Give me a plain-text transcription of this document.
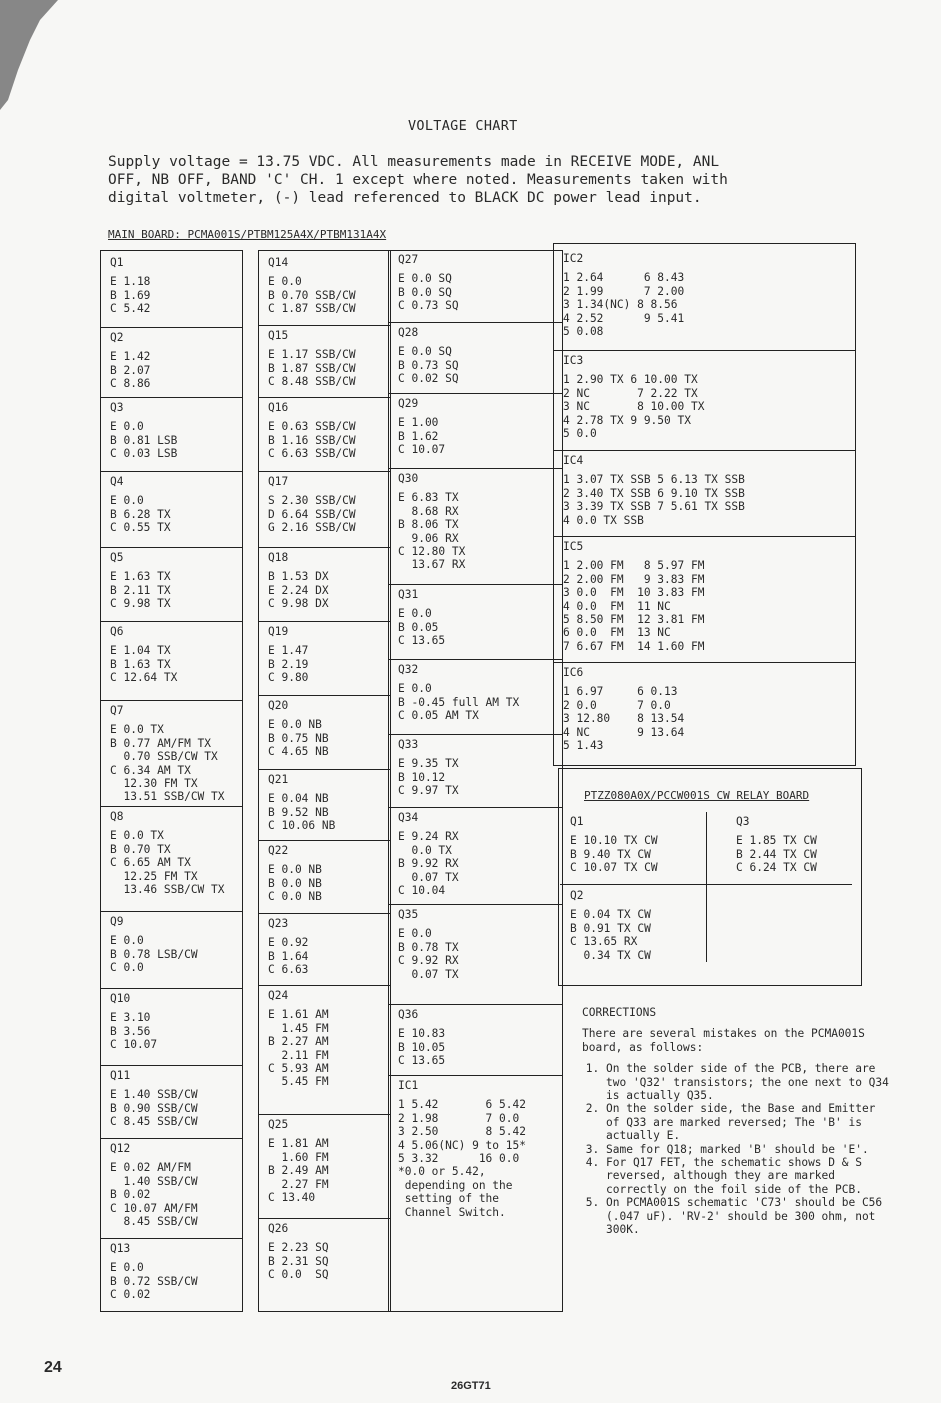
VOLTAGE CHART
Supply voltage = 13.75 VDC. All measurements made in RECEIVE MODE, ANL
OFF, NB OFF, BAND 'C' CH. 1 except where noted. Measurements taken with
digital voltmeter, (-) lead referenced to BLACK DC power lead input.
MAIN BOARD: PCMA001S/PTBM125A4X/PTBM131A4X
Q1
E 1.18
B 1.69
C 5.42
Q2
E 1.42
B 2.07
C 8.86
Q3
E 0.0
B 0.81 LSB
C 0.03 LSB
Q4
E 0.0
B 6.28 TX
C 0.55 TX
Q5
E 1.63 TX
B 2.11 TX
C 9.98 TX
Q6
E 1.04 TX
B 1.63 TX
C 12.64 TX
Q7
E 0.0 TX
B 0.77 AM/FM TX
0.70 SSB/CW TX
C 6.34 AM TX
12.30 FM TX
13.51 SSB/CW TX
Q8
E 0.0 TX
B 0.70 TX
C 6.65 AM TX
12.25 FM TX
13.46 SSB/CW TX
Q9
E 0.0
B 0.78 LSB/CW
C 0.0
Q10
E 3.10
B 3.56
C 10.07
Q11
E 1.40 SSB/CW
B 0.90 SSB/CW
C 8.45 SSB/CW
Q12
E 0.02 AM/FM
1.40 SSB/CW
B 0.02
C 10.07 AM/FM
8.45 SSB/CW
Q13
E 0.0
B 0.72 SSB/CW
C 0.02
Q14
E 0.0
B 0.70 SSB/CW
C 1.87 SSB/CW
Q15
E 1.17 SSB/CW
B 1.87 SSB/CW
C 8.48 SSB/CW
Q16
E 0.63 SSB/CW
B 1.16 SSB/CW
C 6.63 SSB/CW
Q17
S 2.30 SSB/CW
D 6.64 SSB/CW
G 2.16 SSB/CW
Q18
B 1.53 DX
E 2.24 DX
C 9.98 DX
Q19
E 1.47
B 2.19
C 9.80
Q20
E 0.0 NB
B 0.75 NB
C 4.65 NB
Q21
E 0.04 NB
B 9.52 NB
C 10.06 NB
Q22
E 0.0 NB
B 0.0 NB
C 0.0 NB
Q23
E 0.92
B 1.64
C 6.63
Q24
E 1.61 AM
1.45 FM
B 2.27 AM
2.11 FM
C 5.93 AM
5.45 FM
Q25
E 1.81 AM
1.60 FM
B 2.49 AM
2.27 FM
C 13.40
Q26
E 2.23 SQ
B 2.31 SQ
C 0.0  SQ
Q27
E 0.0 SQ
B 0.0 SQ
C 0.73 SQ
Q28
E 0.0 SQ
B 0.73 SQ
C 0.02 SQ
Q29
E 1.00
B 1.62
C 10.07
Q30
E 6.83 TX
8.68 RX
B 8.06 TX
9.06 RX
C 12.80 TX
13.67 RX
Q31
E 0.0
B 0.05
C 13.65
Q32
E 0.0
B -0.45 full AM TX
C 0.05 AM TX
Q33
E 9.35 TX
B 10.12
C 9.97 TX
Q34
E 9.24 RX
0.0 TX
B 9.92 RX
0.07 TX
C 10.04
Q35
E 0.0
B 0.78 TX
C 9.92 RX
0.07 TX
Q36
E 10.83
B 10.05
C 13.65
IC1
1 5.42       6 5.42
2 1.98       7 0.0
3 2.50       8 5.42
4 5.06(NC) 9 to 15*
5 3.32      16 0.0
*0.0 or 5.42,
depending on the
setting of the
Channel Switch.
IC2
1 2.64      6 8.43
2 1.99      7 2.00
3 1.34(NC) 8 8.56
4 2.52      9 5.41
5 0.08
IC3
1 2.90 TX 6 10.00 TX
2 NC       7 2.22 TX
3 NC       8 10.00 TX
4 2.78 TX 9 9.50 TX
5 0.0
IC4
1 3.07 TX SSB 5 6.13 TX SSB
2 3.40 TX SSB 6 9.10 TX SSB
3 3.39 TX SSB 7 5.61 TX SSB
4 0.0 TX SSB
IC5
1 2.00 FM   8 5.97 FM
2 2.00 FM   9 3.83 FM
3 0.0  FM  10 3.83 FM
4 0.0  FM  11 NC
5 8.50 FM  12 3.81 FM
6 0.0  FM  13 NC
7 6.67 FM  14 1.60 FM
IC6
1 6.97     6 0.13
2 0.0      7 0.0
3 12.80    8 13.54
4 NC       9 13.64
5 1.43
Q1
E 10.10 TX CW
B 9.40 TX CW
C 10.07 TX CW
Q3
E 1.85 TX CW
B 2.44 TX CW
C 6.24 TX CW
Q2
E 0.04 TX CW
B 0.91 TX CW
C 13.65 RX
0.34 TX CW
PTZZ080A0X/PCCW001S CW RELAY BOARD
CORRECTIONS
There are several mistakes on the PCMA001S board, as follows:
1. On the solder side of the PCB, there are two 'Q32' transistors; the one next to Q34 is actually Q35.
2. On the solder side, the Base and Emitter of Q33 are marked reversed; The 'B' is actually E.
3. Same for Q18; marked 'B' should be 'E'.
4. For Q17 FET, the schematic shows D & S reversed, although they are marked correctly on the foil side of the PCB.
5. On PCMA001S schematic 'C73' should be C56 (.047 uF). 'RV-2' should be 300 ohm, not 300K.
24
26GT71
